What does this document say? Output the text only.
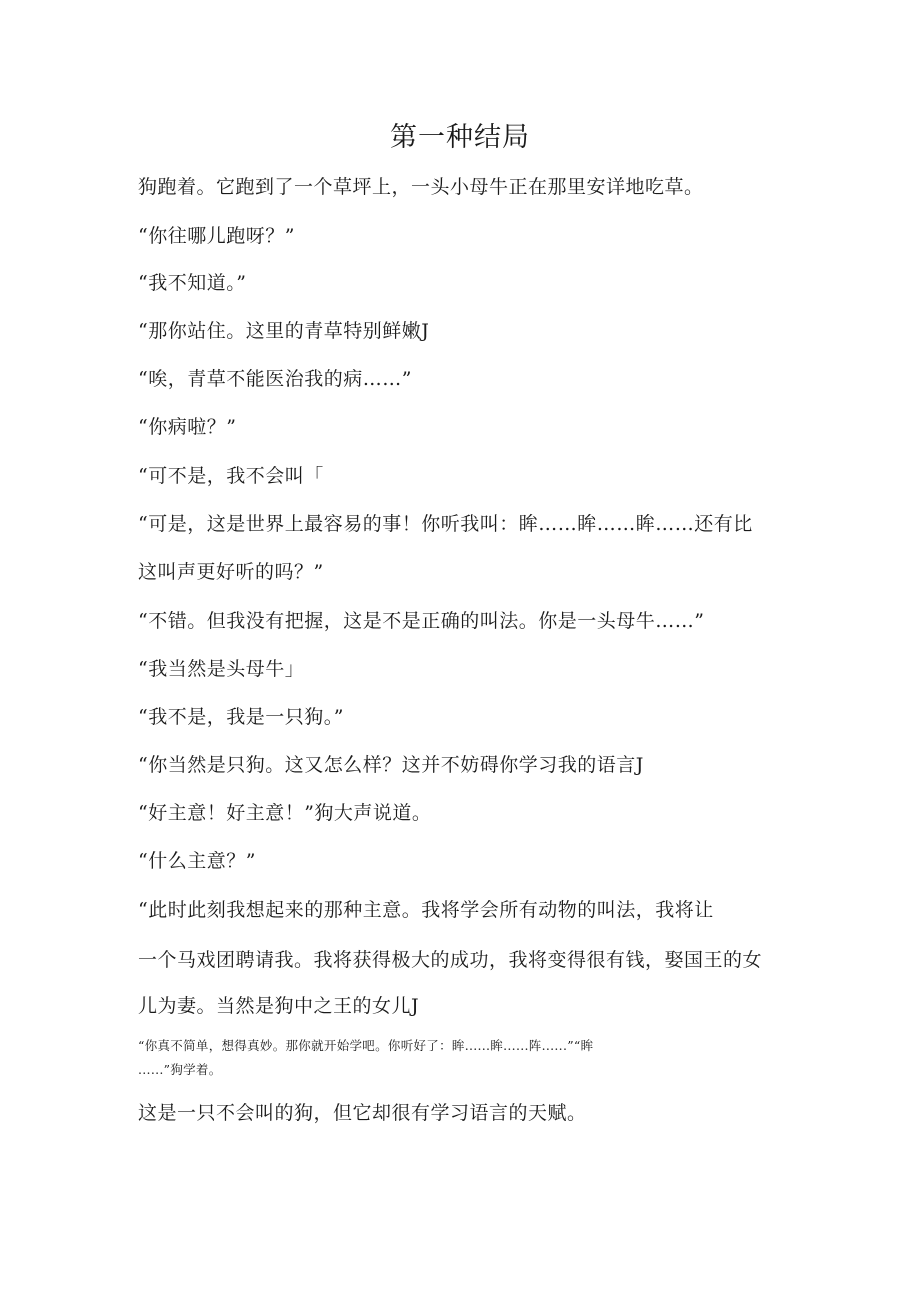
第一种结局
狗跑着。它跑到了一个草坪上，一头小母牛正在那里安详地吃草。
“你往哪儿跑呀？”
“我不知道。”
“那你站住。这里的青草特别鲜嫩J
“唉，青草不能医治我的病……”
“你病啦？”
“可不是，我不会叫「
“可是，这是世界上最容易的事！你听我叫：眸……眸……眸……还有比
这叫声更好听的吗？”
“不错。但我没有把握，这是不是正确的叫法。你是一头母牛……”
“我当然是头母牛」
“我不是，我是一只狗。”
“你当然是只狗。这又怎么样？这并不妨碍你学习我的语言J
“好主意！好主意！”狗大声说道。
“什么主意？”
“此时此刻我想起来的那种主意。我将学会所有动物的叫法，我将让
一个马戏团聘请我。我将获得极大的成功，我将变得很有钱，娶国王的女
儿为妻。当然是狗中之王的女儿J
“你真不简单，想得真妙。那你就开始学吧。你听好了：眸......眸......阵......”“眸
......”狗学着。
这是一只不会叫的狗，但它却很有学习语言的天赋。
